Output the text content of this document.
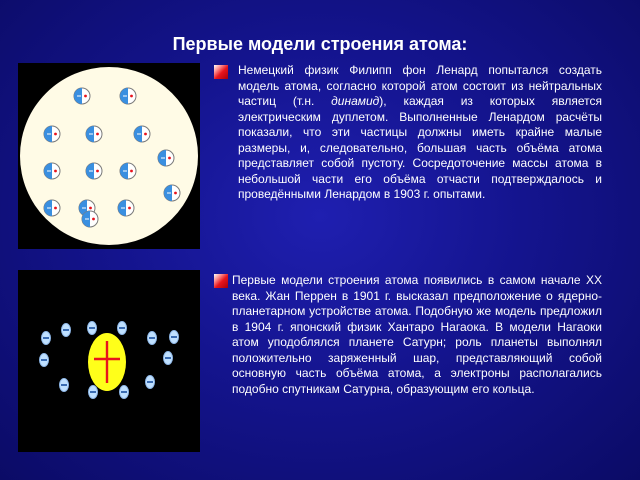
Первые модели строения атома:
Немецкий физик Филипп фон Ленард попытался создать модель атома, согласно которой атом состоит из нейтральных частиц (т.н. динамид), каждая из которых является электрическим дуплетом. Выполненные Ленардом расчёты показали, что эти частицы должны иметь крайне малые размеры, и, следовательно, большая часть объёма атома представляет собой пустоту. Сосредоточение массы атома в небольшой части его объёма отчасти подтверждалось и проведёнными Ленардом в 1903 г. опытами.
Первые модели строения атома появились в самом начале XX века. Жан Перрен в 1901 г. высказал предположение о ядерно-планетарном устройстве атома. Подобную же модель предложил в 1904 г. японский физик Хантаро Нагаока. В модели Нагаоки атом уподоблялся планете Сатурн; роль планеты выполнял положительно заряженный шар, представляющий собой основную часть объёма атома, а электроны располагались подобно спутникам Сатурна, образующим его кольца.
